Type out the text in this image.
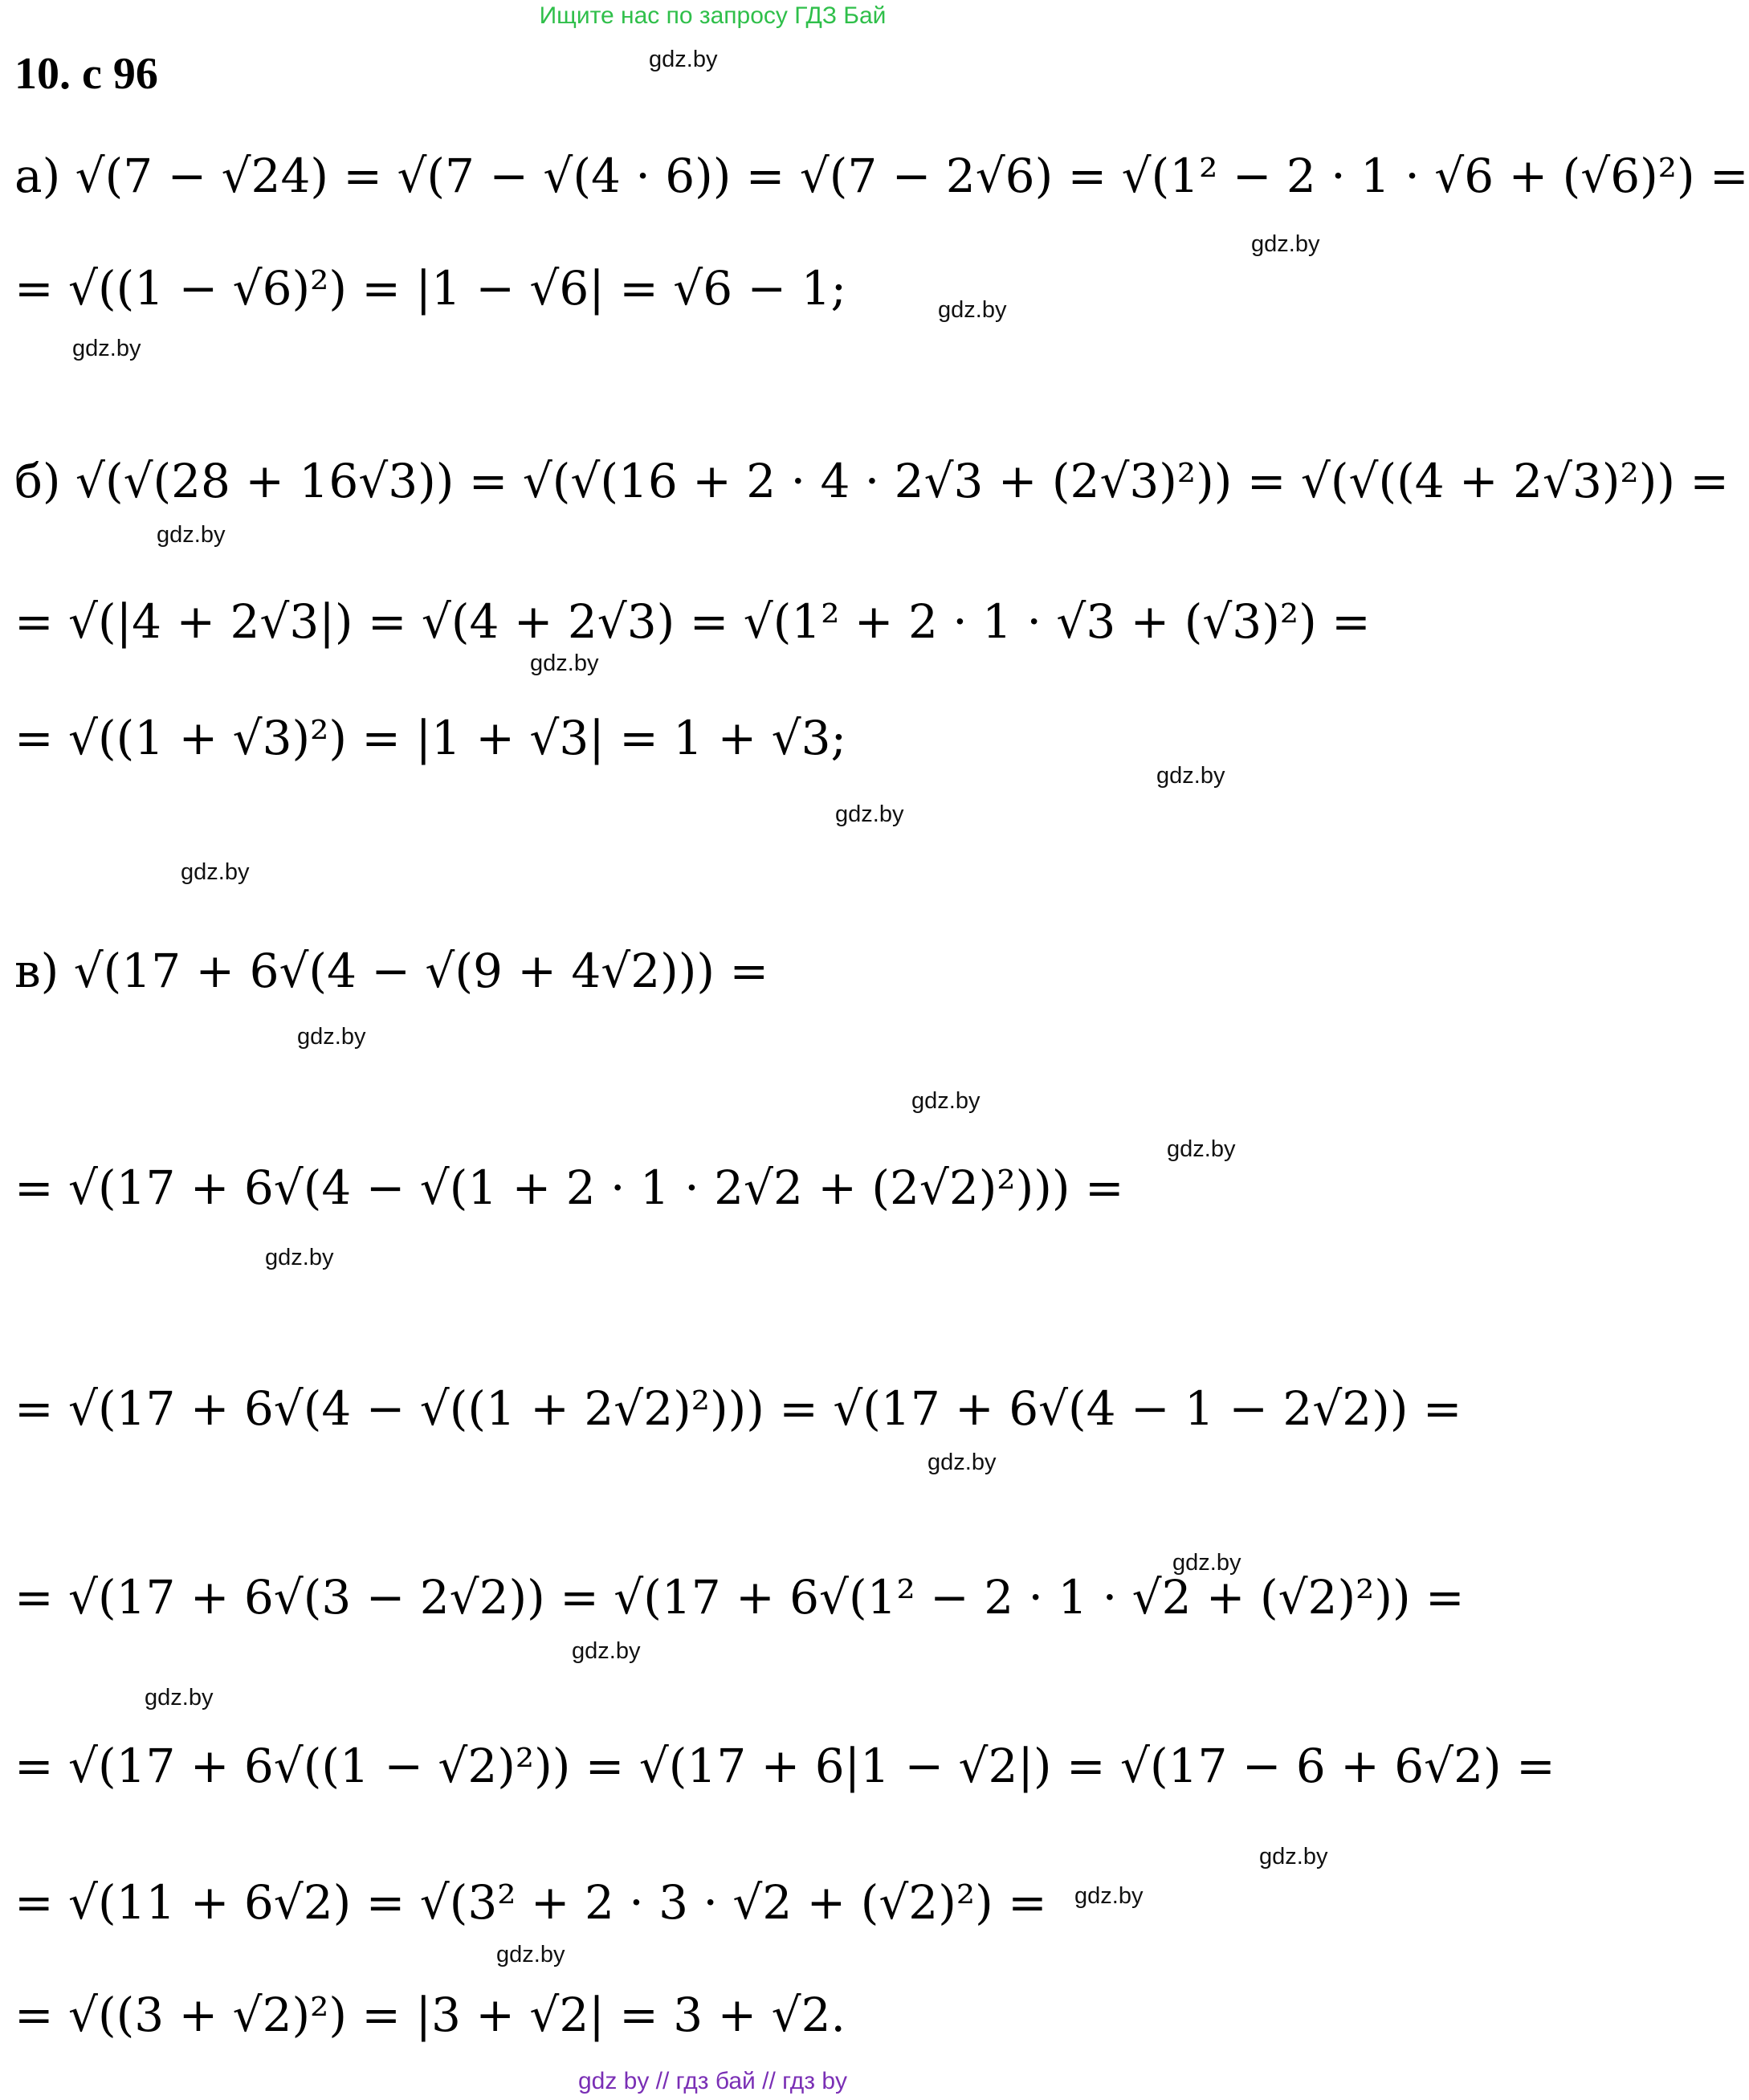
Ищите нас по запросу ГДЗ Бай
10. с 96
а) √(7 − √24) = √(7 − √(4 · 6)) = √(7 − 2√6) = √(1² − 2 · 1 · √6 + (√6)²) =
= √((1 − √6)²) = |1 − √6| = √6 − 1;
б) √(√(28 + 16√3)) = √(√(16 + 2 · 4 · 2√3 + (2√3)²)) = √(√((4 + 2√3)²)) =
= √(|4 + 2√3|) = √(4 + 2√3) = √(1² + 2 · 1 · √3 + (√3)²) =
= √((1 + √3)²) = |1 + √3| = 1 + √3;
в) √(17 + 6√(4 − √(9 + 4√2))) =
= √(17 + 6√(4 − √(1 + 2 · 1 · 2√2 + (2√2)²))) =
= √(17 + 6√(4 − √((1 + 2√2)²))) = √(17 + 6√(4 − 1 − 2√2)) =
= √(17 + 6√(3 − 2√2)) = √(17 + 6√(1² − 2 · 1 · √2 + (√2)²)) =
= √(17 + 6√((1 − √2)²)) = √(17 + 6|1 − √2|) = √(17 − 6 + 6√2) =
= √(11 + 6√2) = √(3² + 2 · 3 · √2 + (√2)²) =
= √((3 + √2)²) = |3 + √2| = 3 + √2.
gdz.by
gdz.by
gdz.by
gdz.by
gdz.by
gdz.by
gdz.by
gdz.by
gdz.by
gdz.by
gdz.by
gdz.by
gdz.by
gdz.by
gdz.by
gdz.by
gdz.by
gdz.by
gdz.by
gdz.by
gdz by // гдз бай // гдз by
